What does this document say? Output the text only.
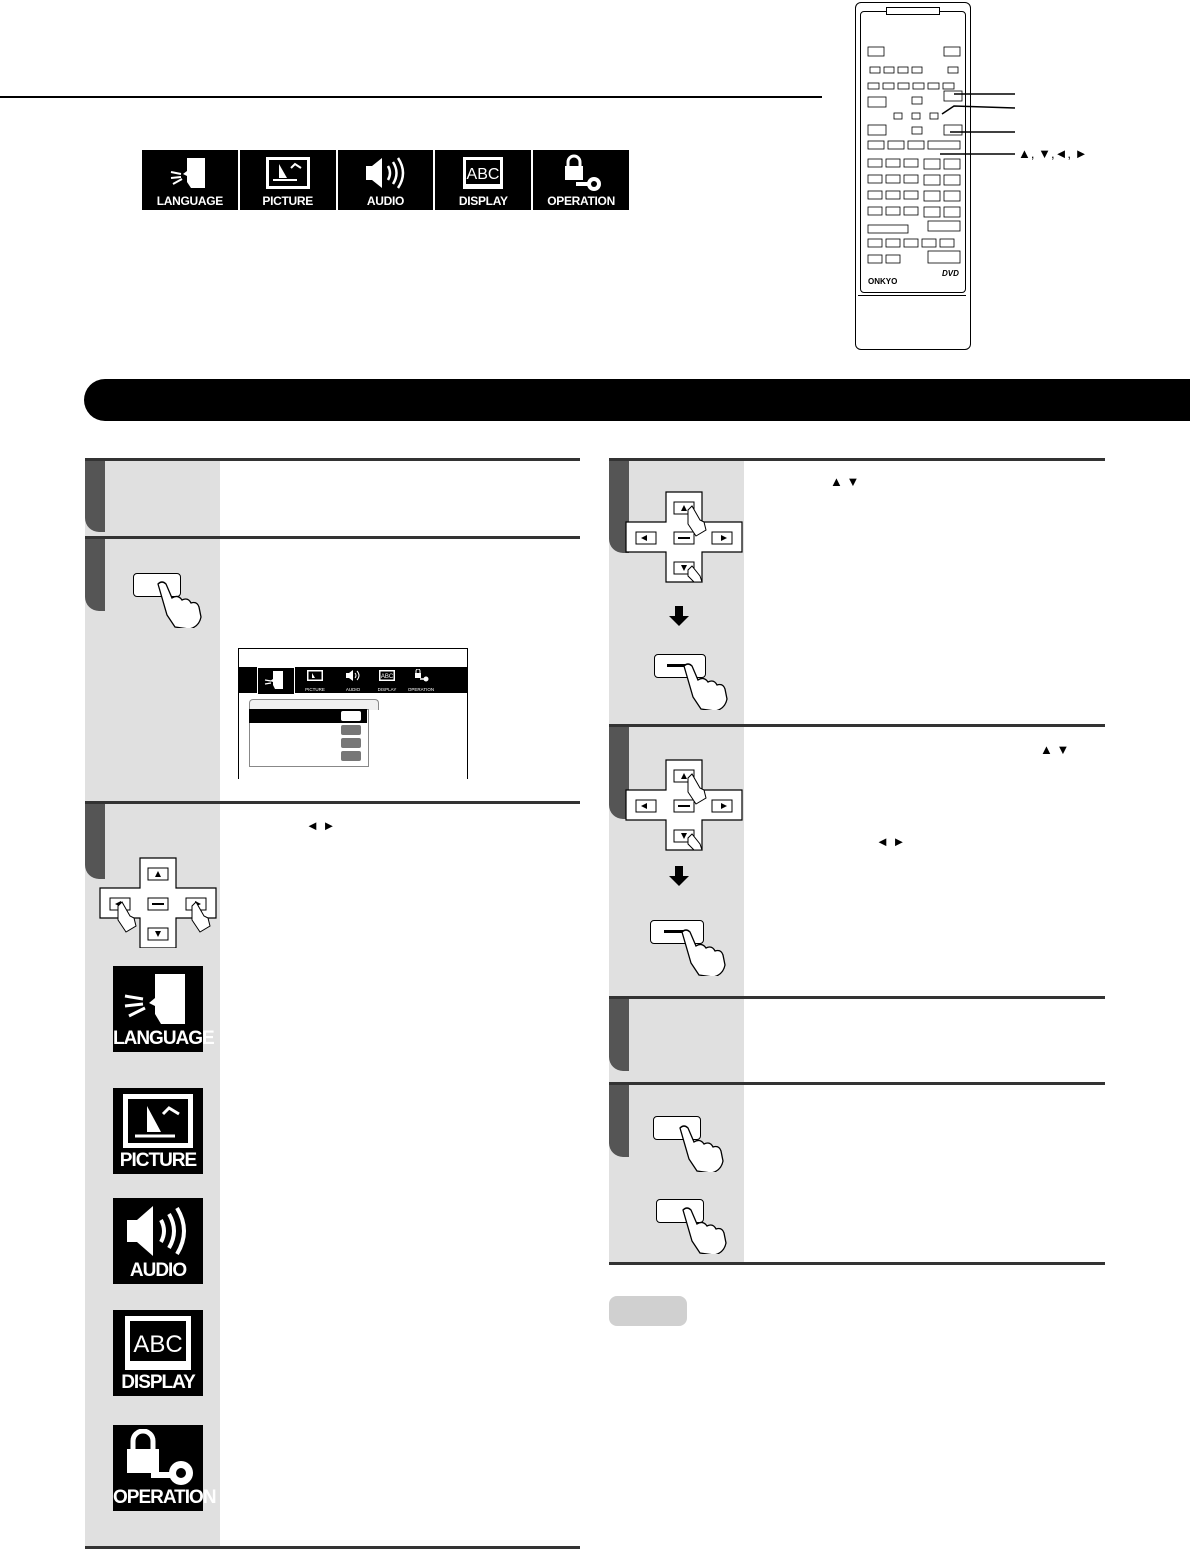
LANGUAGE	PICTURE	AUDIO
ABC
DISPLAY	OPERATION
ONKYO
DVD
▲, ▼,◄, ►
PICTURE	AUDIO
ABC
DISPLAY	OPERATION
◄ ►
LANGUAGE
PICTURE
AUDIO
ABC
DISPLAY
OPERATION
▲ ▼
▲ ▼
◄ ►
